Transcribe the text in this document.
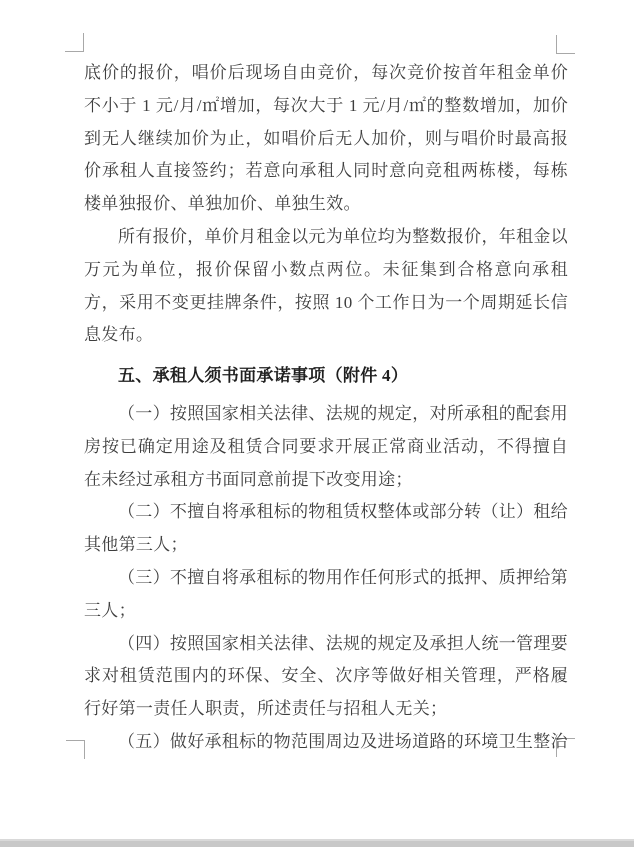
底价的报价，唱价后现场自由竞价，每次竞价按首年租金单价不小于 1 元/月/㎡增加，每次大于 1 元/月/㎡的整数增加，加价到无人继续加价为止，如唱价后无人加价，则与唱价时最高报价承租人直接签约；若意向承租人同时意向竞租两栋楼，每栋楼单独报价、单独加价、单独生效。

所有报价，单价月租金以元为单位均为整数报价，年租金以万元为单位，报价保留小数点两位。未征集到合格意向承租方，采用不变更挂牌条件，按照 10 个工作日为一个周期延长信息发布。

五、承租人须书面承诺事项（附件 4）

（一）按照国家相关法律、法规的规定，对所承租的配套用房按已确定用途及租赁合同要求开展正常商业活动，不得擅自在未经过承租方书面同意前提下改变用途；

（二）不擅自将承租标的物租赁权整体或部分转（让）租给其他第三人；

（三）不擅自将承租标的物用作任何形式的抵押、质押给第三人；

（四）按照国家相关法律、法规的规定及承担人统一管理要求对租赁范围内的环保、安全、次序等做好相关管理，严格履行好第一责任人职责，所述责任与招租人无关；

（五）做好承租标的物范围周边及进场道路的环境卫生整治
